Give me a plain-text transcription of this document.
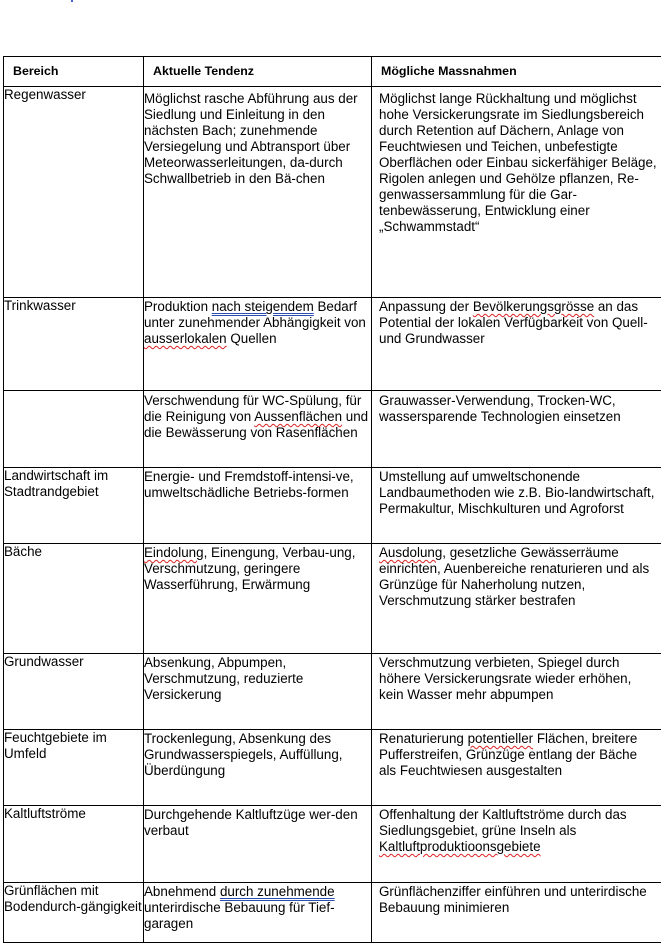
Bereich	Aktuelle Tendenz	Mögliche Massnahmen
Regenwasser	Möglichst rasche Abführung aus der Siedlung und Einleitung in den nächsten Bach; zunehmende Versiegelung und Abtransport über Meteorwasserleitungen, da-durch Schwallbetrieb in den Bä-chen	Möglichst lange Rückhaltung und möglichst hohe Versickerungsrate im Siedlungsbereich durch Retention auf Dächern, Anlage von Feuchtwiesen und Teichen, unbefestigte Oberflächen oder Einbau sickerfähiger Beläge, Rigolen anlegen und Gehölze pflanzen, Re-genwassersammlung für die Gar-tenbewässerung, Entwicklung einer „Schwammstadt“

Trinkwasser	Produktion nach steigendem Bedarf unter zunehmender Abhängigkeit von ausserlokalen Quellen	Anpassung der Bevölkerungsgrösse an das Potential der lokalen Verfügbarkeit von Quell- und Grundwasser

	Verschwendung für WC-Spülung, für die Reinigung von Aussenflächen und die Bewässerung von Rasenflächen	Grauwasser-Verwendung, Trocken-WC, wassersparende Technologien einsetzen

Landwirtschaft im Stadtrandgebiet	Energie- und Fremdstoff-intensi-ve, umweltschädliche Betriebs-formen	Umstellung auf umweltschonende Landbaumethoden wie z.B. Bio-landwirtschaft, Permakultur, Mischkulturen und Agroforst

Bäche	Eindolung, Einengung, Verbau-ung, Verschmutzung, geringere Wasserführung, Erwärmung	Ausdolung, gesetzliche Gewässerräume einrichten, Auenbereiche renaturieren und als Grünzüge für Naherholung nutzen, Verschmutzung stärker bestrafen

Grundwasser	Absenkung, Abpumpen, Verschmutzung, reduzierte Versickerung	Verschmutzung verbieten, Spiegel durch höhere Versickerungsrate wieder erhöhen, kein Wasser mehr abpumpen

Feuchtgebiete im Umfeld	Trockenlegung, Absenkung des Grundwasserspiegels, Auffüllung, Überdüngung	Renaturierung potentieller Flächen, breitere Pufferstreifen, Grünzüge entlang der Bäche als Feuchtwiesen ausgestalten

Kaltluftströme	Durchgehende Kaltluftzüge wer-den verbaut	Offenhaltung der Kaltluftströme durch das Siedlungsgebiet, grüne Inseln als Kaltluftproduktioonsgebiete

Grünflächen mit Bodendurch-gängigkeit	Abnehmend durch zunehmende unterirdische Bebauung für Tief-garagen	Grünflächenziffer einführen und unterirdische Bebauung minimieren
